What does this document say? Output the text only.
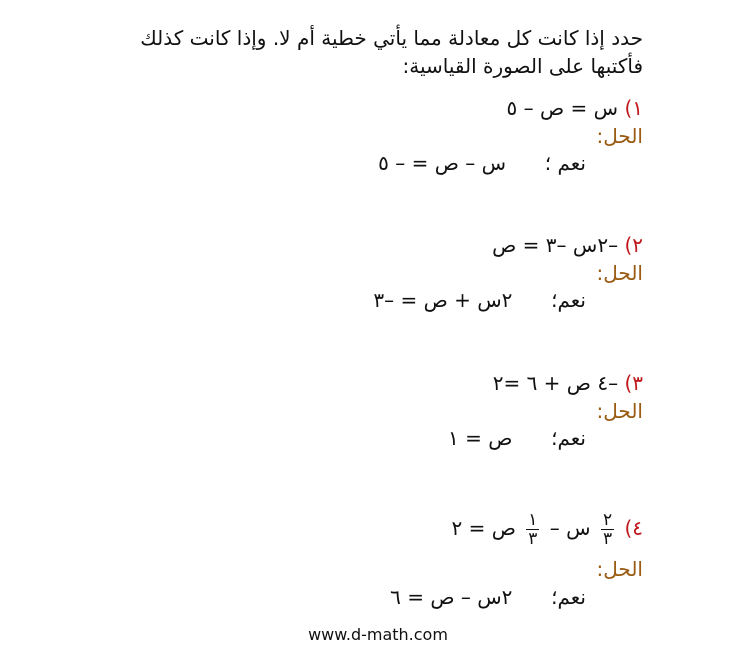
حدد إذا كانت كل معادلة مما يأتي خطية أم لا. وإذا كانت كذلك فأكتبها على الصورة القياسية:
١) س = ص – ٥
الحل:
نعم ؛  س – ص = – ٥
٢) –٢س –٣ = ص
الحل:
نعم؛  ٢س + ص = –٣
٣) –٤ ص + ٦ =٢
الحل:
نعم؛  ص = ١
٤)
$\frac{٢}{٣}$
س –
$\frac{١}{٣}$
ص = ٢
الحل:
نعم؛  ٢س – ص = ٦
www.d-math.com
